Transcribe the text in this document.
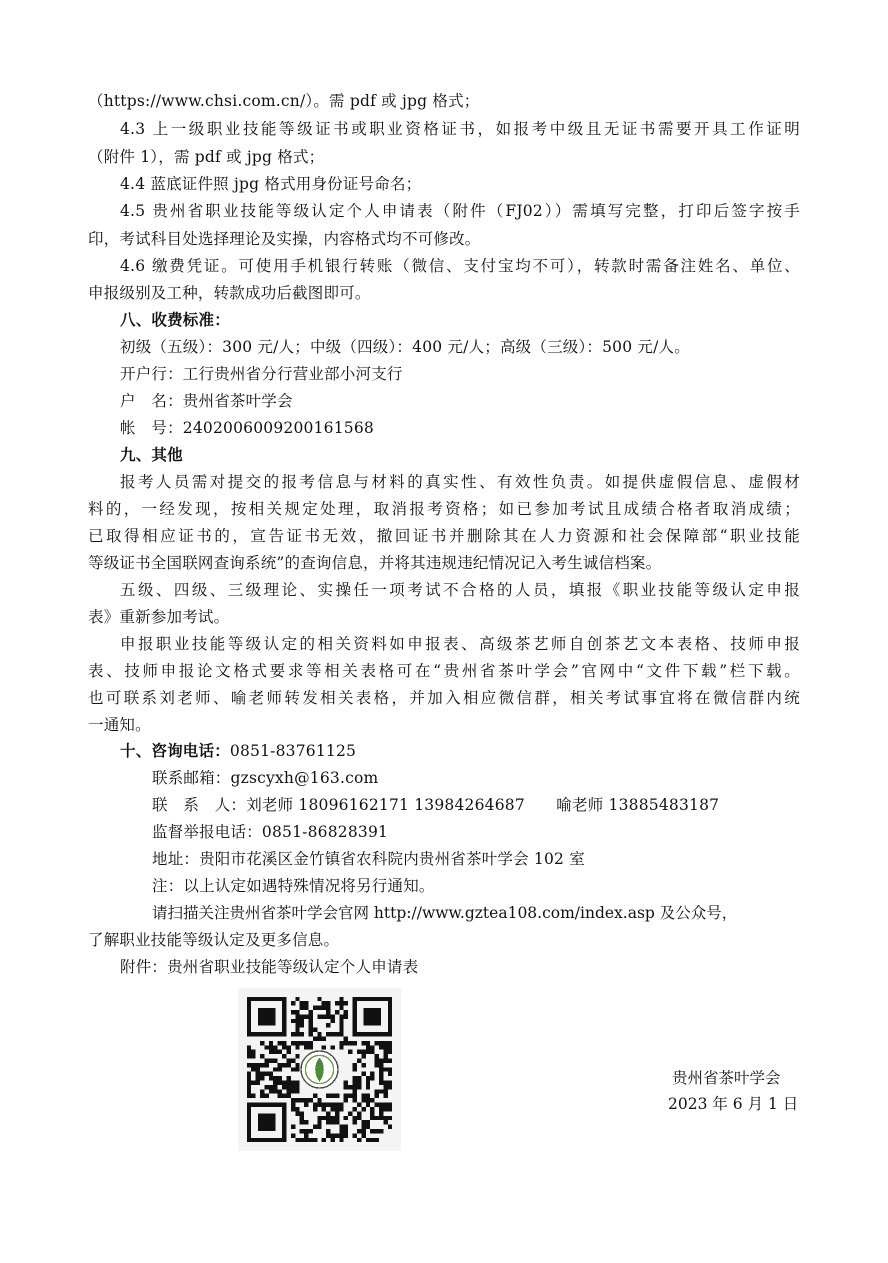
（https://www.chsi.com.cn/）。需 pdf 或 jpg 格式；
4.3 上一级职业技能等级证书或职业资格证书，如报考中级且无证书需要开具工作证明
（附件 1），需 pdf 或 jpg 格式；
4.4 蓝底证件照 jpg 格式用身份证号命名；
4.5 贵州省职业技能等级认定个人申请表（附件（FJ02））需填写完整，打印后签字按手
印，考试科目处选择理论及实操，内容格式均不可修改。
4.6 缴费凭证。可使用手机银行转账（微信、支付宝均不可），转款时需备注姓名、单位、
申报级别及工种，转款成功后截图即可。
八、收费标准：
初级（五级）：300 元/人；中级（四级）：400 元/人；高级（三级）：500 元/人。
开户行：工行贵州省分行营业部小河支行
户　名：贵州省茶叶学会
帐　号：2402006009200161568
九、其他
报考人员需对提交的报考信息与材料的真实性、有效性负责。如提供虚假信息、虚假材
料的，一经发现，按相关规定处理，取消报考资格；如已参加考试且成绩合格者取消成绩；
已取得相应证书的，宣告证书无效，撤回证书并删除其在人力资源和社会保障部“职业技能
等级证书全国联网查询系统”的查询信息，并将其违规违纪情况记入考生诚信档案。
五级、四级、三级理论、实操任一项考试不合格的人员，填报《职业技能等级认定申报
表》重新参加考试。
申报职业技能等级认定的相关资料如申报表、高级茶艺师自创茶艺文本表格、技师申报
表、技师申报论文格式要求等相关表格可在“贵州省茶叶学会”官网中“文件下载”栏下载。
也可联系刘老师、喻老师转发相关表格，并加入相应微信群，相关考试事宜将在微信群内统
一通知。
十、咨询电话：0851-83761125
联系邮箱：gzscyxh@163.com
联　系　人：刘老师 18096162171 13984264687　　喻老师 13885483187
监督举报电话：0851-86828391
地址：贵阳市花溪区金竹镇省农科院内贵州省茶叶学会 102 室
注：以上认定如遇特殊情况将另行通知。
请扫描关注贵州省茶叶学会官网 http://www.gztea108.com/index.asp 及公众号，
了解职业技能等级认定及更多信息。
附件：贵州省职业技能等级认定个人申请表
贵州省茶叶学会
2023 年 6 月 1 日
